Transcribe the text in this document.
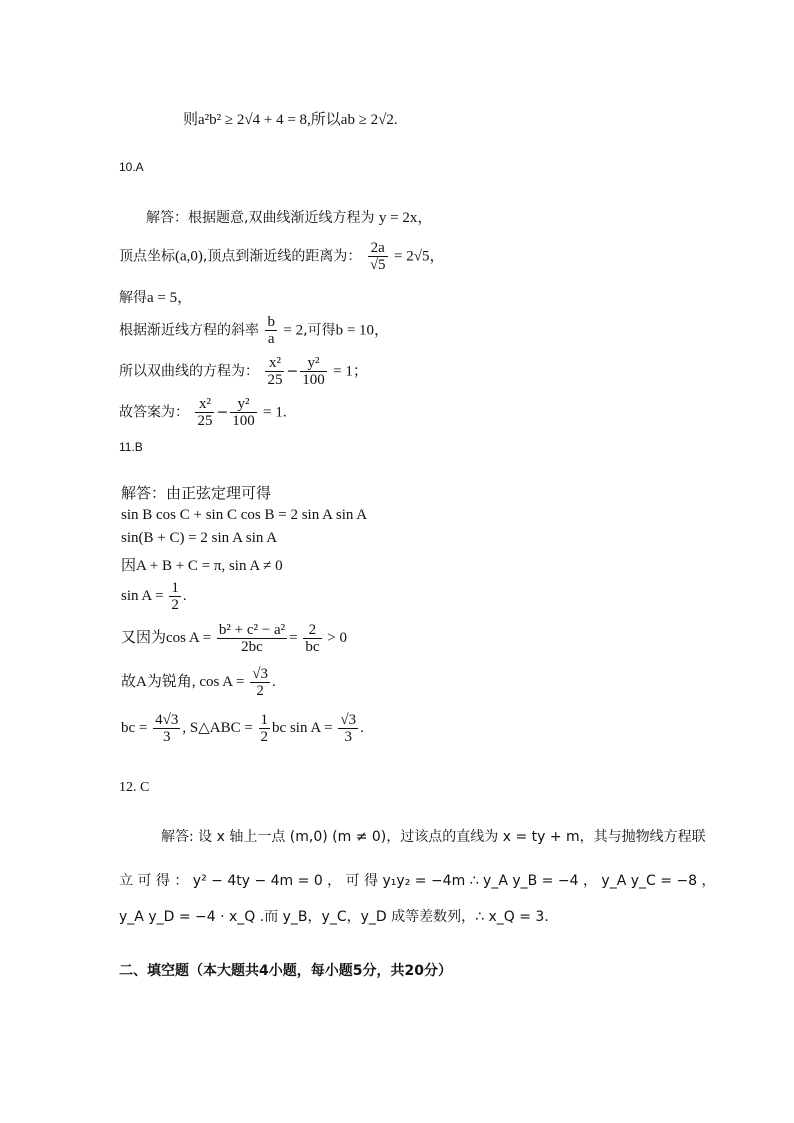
则a²b² ≥ 2√4 + 4 = 8,所以ab ≥ 2√2.
10.A
解答：根据题意,双曲线渐近线方程为 y = 2x，
顶点坐标(a,0),顶点到渐近线的距离为： $\frac{2a}{√5} = 2√5$，
解得a = 5，
根据渐近线方程的斜率 $\frac{b}{a} = 2$,可得b = 10，
所以双曲线的方程为： $\frac{\text{x²}}{25} - \frac{\text{y²}}{100} = 1$；
故答案为： $\frac{\text{x²}}{25} - \frac{\text{y²}}{100} = 1$.
11.B
解答：由正弦定理可得
sin B cos C + sin C cos B = 2 sin A sin A
sin(B + C) = 2 sin A sin A
因A + B + C = π, sin A ≠ 0
$\sin A = \frac{1}{2}$ .
又因为$\cos A = \frac{\text{b² + c² − a²}}{2bc} = \frac{2}{bc} > 0$
故A为锐角, $\cos A = \frac{√3}{2}$ .
bc = $\frac{4√3}{3}$ , S△ABC = $\frac{1}{2}$ bc $\sin A = \frac{√3}{3}$ .
12. C
解答: 设 x 轴上一点 (m,0) (m ≠ 0)，过该点的直线为 x = ty + m，其与抛物线方程联
立 可 得 ： y² − 4ty − 4m = 0 ， 可 得 y₁y₂ = −4m ∴ y_A y_B = −4 ， y_A y_C = −8 ，
y_A y_D = −4 · x_Q .而 y_B，y_C，y_D 成等差数列，∴ x_Q = 3.
二、填空题（本大题共4小题，每小题5分，共20分）
